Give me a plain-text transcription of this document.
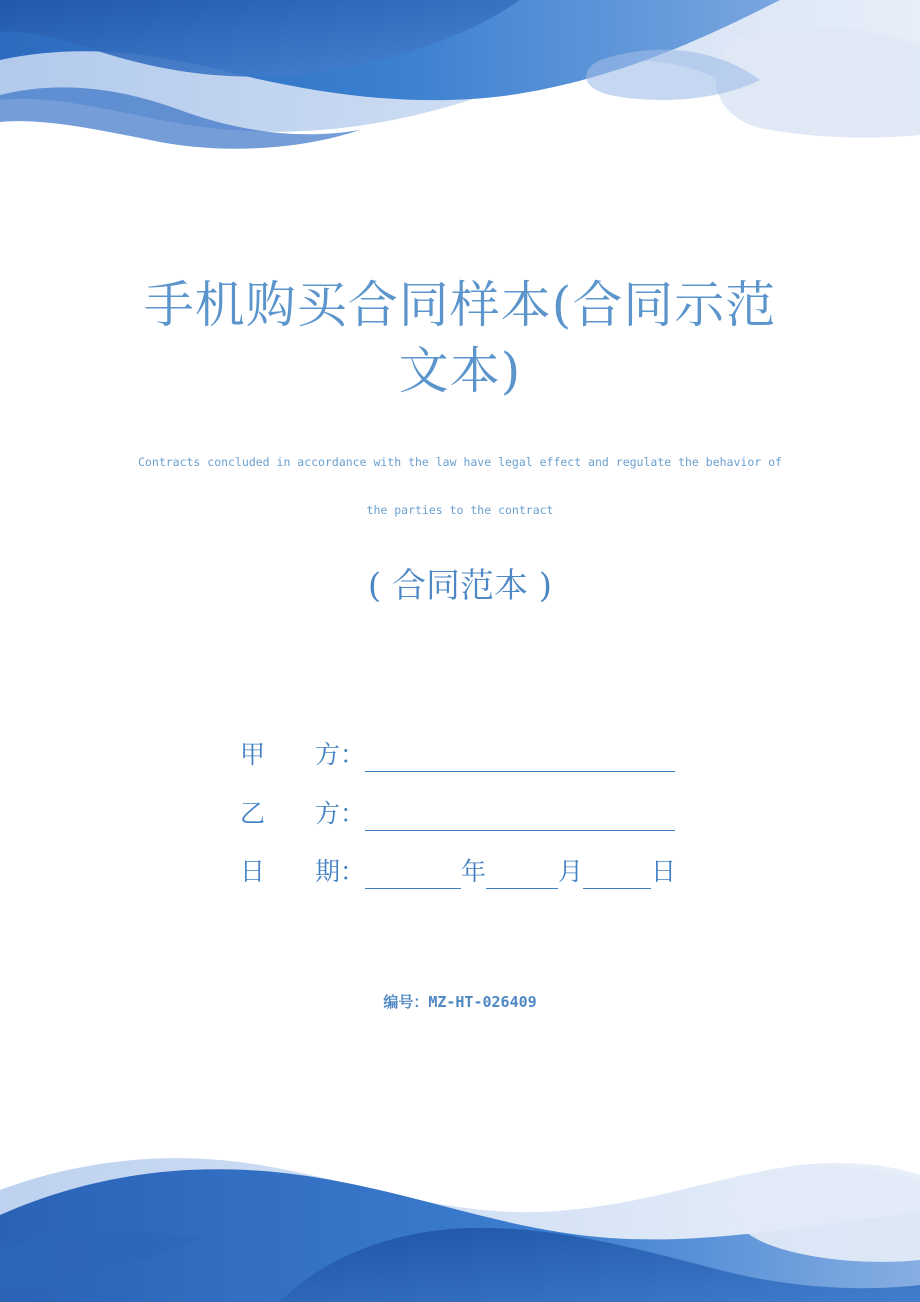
手机购买合同样本(合同示范
文本)
Contracts concluded in accordance with the law have legal effect and regulate the behavior of
the parties to the contract
( 合同范本 )
甲　　方：
乙　　方：
日　　期：	年	月	日
编号：MZ-HT-026409
